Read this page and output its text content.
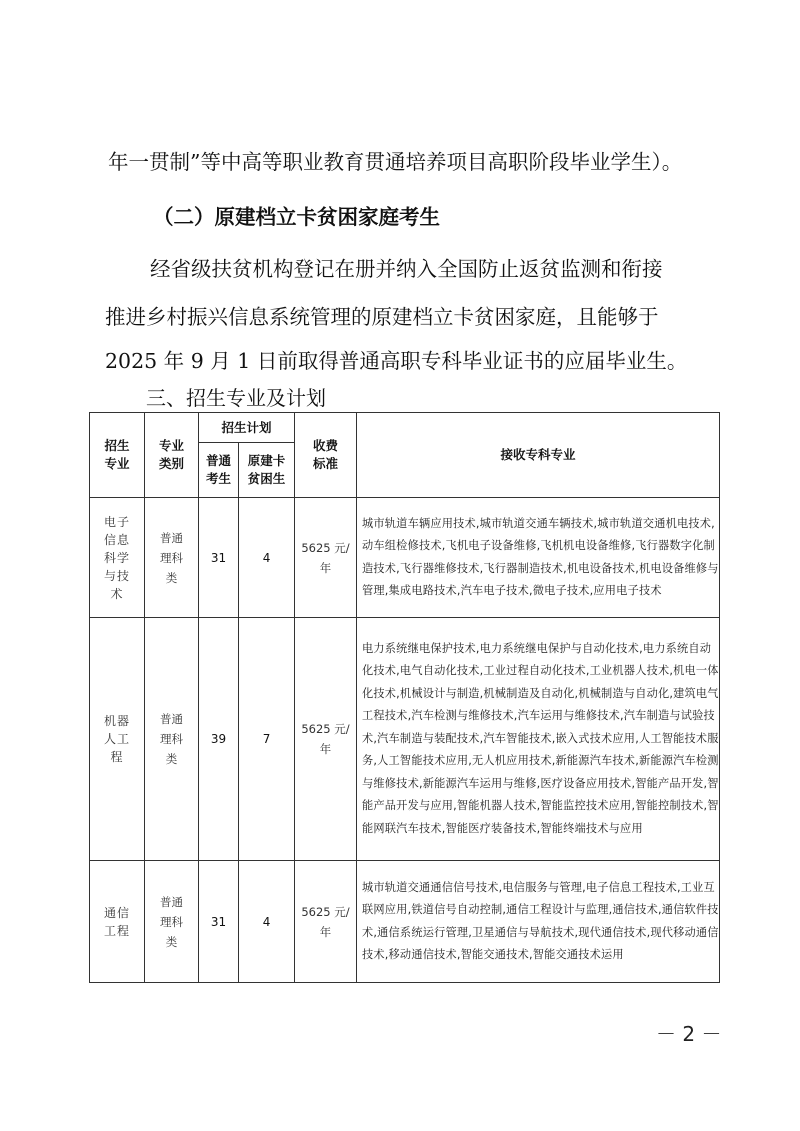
年一贯制”等中高等职业教育贯通培养项目高职阶段毕业学生）。
（二）原建档立卡贫困家庭考生
经省级扶贫机构登记在册并纳入全国防止返贫监测和衔接
推进乡村振兴信息系统管理的原建档立卡贫困家庭，且能够于
2025 年 9 月 1 日前取得普通高职专科毕业证书的应届毕业生。
三、招生专业及计划
招生专业	专业类别	招生计划		收费标准	接收专科专业

		普通考生	原建卡贫困生		

电子信息科学与技术	普通理科类	31	4	5625 元/年	城市轨道车辆应用技术,城市轨道交通车辆技术,城市轨道交通机电技术,动车组检修技术,飞机电子设备维修,飞机机电设备维修,飞行器数字化制造技术,飞行器维修技术,飞行器制造技术,机电设备技术,机电设备维修与管理,集成电路技术,汽车电子技术,微电子技术,应用电子技术

机器人工程	普通理科类	39	7	5625 元/年	电力系统继电保护技术,电力系统继电保护与自动化技术,电力系统自动化技术,电气自动化技术,工业过程自动化技术,工业机器人技术,机电一体化技术,机械设计与制造,机械制造及自动化,机械制造与自动化,建筑电气工程技术,汽车检测与维修技术,汽车运用与维修技术,汽车制造与试验技术,汽车制造与装配技术,汽车智能技术,嵌入式技术应用,人工智能技术服务,人工智能技术应用,无人机应用技术,新能源汽车技术,新能源汽车检测与维修技术,新能源汽车运用与维修,医疗设备应用技术,智能产品开发,智能产品开发与应用,智能机器人技术,智能监控技术应用,智能控制技术,智能网联汽车技术,智能医疗装备技术,智能终端技术与应用

通信工程	普通理科类	31	4	5625 元/年	城市轨道交通通信信号技术,电信服务与管理,电子信息工程技术,工业互联网应用,铁道信号自动控制,通信工程设计与监理,通信技术,通信软件技术,通信系统运行管理,卫星通信与导航技术,现代通信技术,现代移动通信技术,移动通信技术,智能交通技术,智能交通技术运用
－ 2 －
